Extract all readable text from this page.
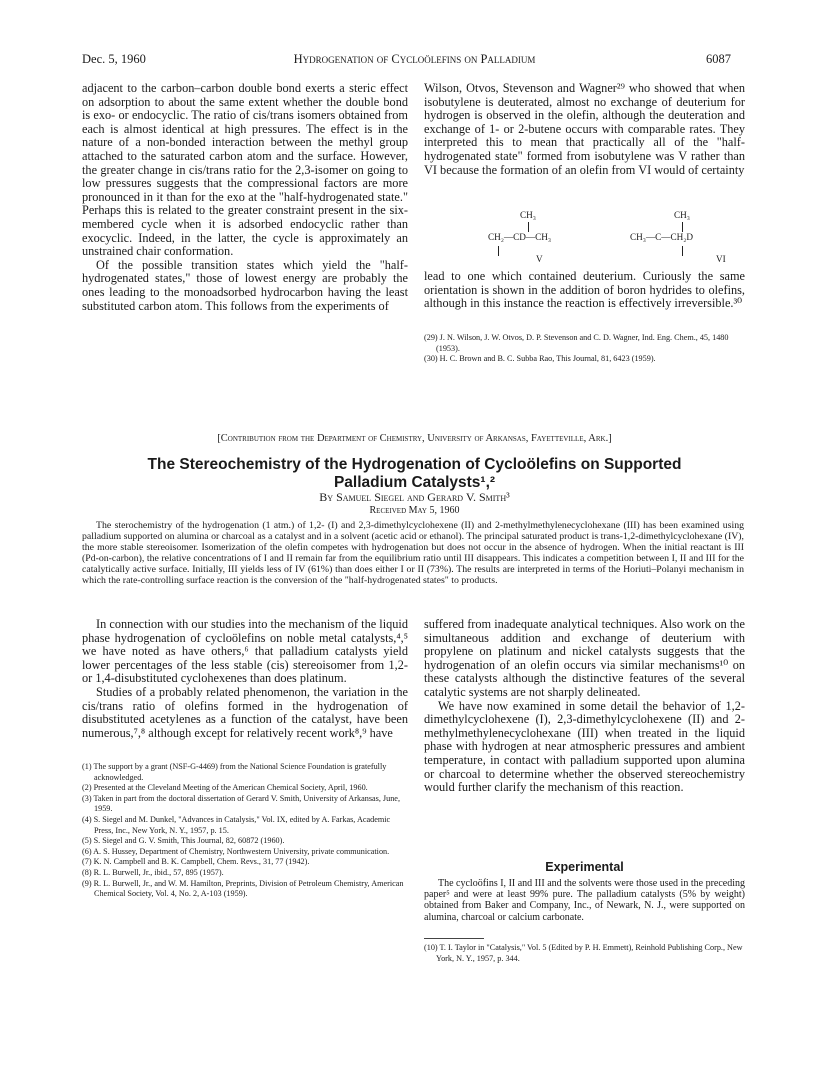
Dec. 5, 1960	Hydrogenation of Cycloölefins on Palladium	6087

adjacent to the carbon–carbon double bond exerts a steric effect on adsorption to about the same extent whether the double bond is exo- or endocyclic. The ratio of cis/trans isomers obtained from each is almost identical at high pressures. The effect is in the nature of a non-bonded interaction between the methyl group attached to the saturated carbon atom and the surface. However, the greater change in cis/trans ratio for the 2,3-isomer on going to low pressures suggests that the compressional factors are more pronounced in it than for the exo at the "half-hydrogenated state." Perhaps this is related to the greater constraint present in the six-membered cycle when it is adsorbed endocyclic rather than exocyclic. Indeed, in the latter, the cycle is approximately an unstrained chair conformation.

Of the possible transition states which yield the "half-hydrogenated states," those of lowest energy are probably the ones leading to the monoadsorbed hydrocarbon having the least substituted carbon atom. This follows from the experiments of

Wilson, Otvos, Stevenson and Wagner²⁹ who showed that when isobutylene is deuterated, almost no exchange of deuterium for hydrogen is observed in the olefin, although the deuteration and exchange of 1- or 2-butene occurs with comparable rates. They interpreted this to mean that practically all of the "half-hydrogenated state" formed from isobutylene was V rather than VI because the formation of an olefin from VI would of certainty

CH₃
CH₂—CD—CH₃
V
CH₃
CH₃—C—CH₂D
VI

lead to one which contained deuterium. Curiously the same orientation is shown in the addition of boron hydrides to olefins, although in this instance the reaction is effectively irreversible.³⁰

(29) J. N. Wilson, J. W. Otvos, D. P. Stevenson and C. D. Wagner, Ind. Eng. Chem., 45, 1480 (1953).

(30) H. C. Brown and B. C. Subba Rao, This Journal, 81, 6423 (1959).

[Contribution from the Department of Chemistry, University of Arkansas, Fayetteville, Ark.]
The Stereochemistry of the Hydrogenation of Cycloölefins on Supported Palladium Catalysts¹,²
By Samuel Siegel and Gerard V. Smith³
Received May 5, 1960
The sterochemistry of the hydrogenation (1 atm.) of 1,2- (I) and 2,3-dimethylcyclohexene (II) and 2-methylmethylenecyclohexane (III) has been examined using palladium supported on alumina or charcoal as a catalyst and in a solvent (acetic acid or ethanol). The principal saturated product is trans-1,2-dimethylcyclohexane (IV), the more stable stereoisomer. Isomerization of the olefin competes with hydrogenation but does not occur in the absence of hydrogen. When the initial reactant is III (Pd-on-carbon), the relative concentrations of I and II remain far from the equilibrium ratio until III disappears. This indicates a competition between I, II and III for the catalytically active surface. Initially, III yields less of IV (61%) than does either I or II (73%). The results are interpreted in terms of the Horiuti–Polanyi mechanism in which the rate-controlling surface reaction is the conversion of the "half-hydrogenated states" to products.

In connection with our studies into the mechanism of the liquid phase hydrogenation of cycloölefins on noble metal catalysts,⁴,⁵ we have noted as have others,⁶ that palladium catalysts yield lower percentages of the less stable (cis) stereoisomer from 1,2- or 1,4-disubstituted cyclohexenes than does platinum.

Studies of a probably related phenomenon, the variation in the cis/trans ratio of olefins formed in the hydrogenation of disubstituted acetylenes as a function of the catalyst, have been numerous,⁷,⁸ although except for relatively recent work⁸,⁹ have

(1) The support by a grant (NSF-G-4469) from the National Science Foundation is gratefully acknowledged.

(2) Presented at the Cleveland Meeting of the American Chemical Society, April, 1960.

(3) Taken in part from the doctoral dissertation of Gerard V. Smith, University of Arkansas, June, 1959.

(4) S. Siegel and M. Dunkel, "Advances in Catalysis," Vol. IX, edited by A. Farkas, Academic Press, Inc., New York, N. Y., 1957, p. 15.

(5) S. Siegel and G. V. Smith, This Journal, 82, 60872 (1960).

(6) A. S. Hussey, Department of Chemistry, Northwestern University, private communication.

(7) K. N. Campbell and B. K. Campbell, Chem. Revs., 31, 77 (1942).

(8) R. L. Burwell, Jr., ibid., 57, 895 (1957).

(9) R. L. Burwell, Jr., and W. M. Hamilton, Preprints, Division of Petroleum Chemistry, American Chemical Society, Vol. 4, No. 2, A-103 (1959).

suffered from inadequate analytical techniques. Also work on the simultaneous addition and exchange of deuterium with propylene on platinum and nickel catalysts suggests that the hydrogenation of an olefin occurs via similar mechanisms¹⁰ on these catalysts although the distinctive features of the several catalytic systems are not sharply delineated.

We have now examined in some detail the behavior of 1,2-dimethylcyclohexene (I), 2,3-dimethylcyclohexene (II) and 2-methylmethylenecyclohexane (III) when treated in the liquid phase with hydrogen at near atmospheric pressures and ambient temperature, in contact with palladium supported upon alumina or charcoal to determine whether the observed stereochemistry would further clarify the mechanism of this reaction.

Experimental
The cycloöfins I, II and III and the solvents were those used in the preceding paper⁵ and were at least 99% pure. The palladium catalysts (5% by weight) obtained from Baker and Company, Inc., of Newark, N. J., were supported on alumina, charcoal or calcium carbonate.

(10) T. I. Taylor in "Catalysis," Vol. 5 (Edited by P. H. Emmett), Reinhold Publishing Corp., New York, N. Y., 1957, p. 344.
